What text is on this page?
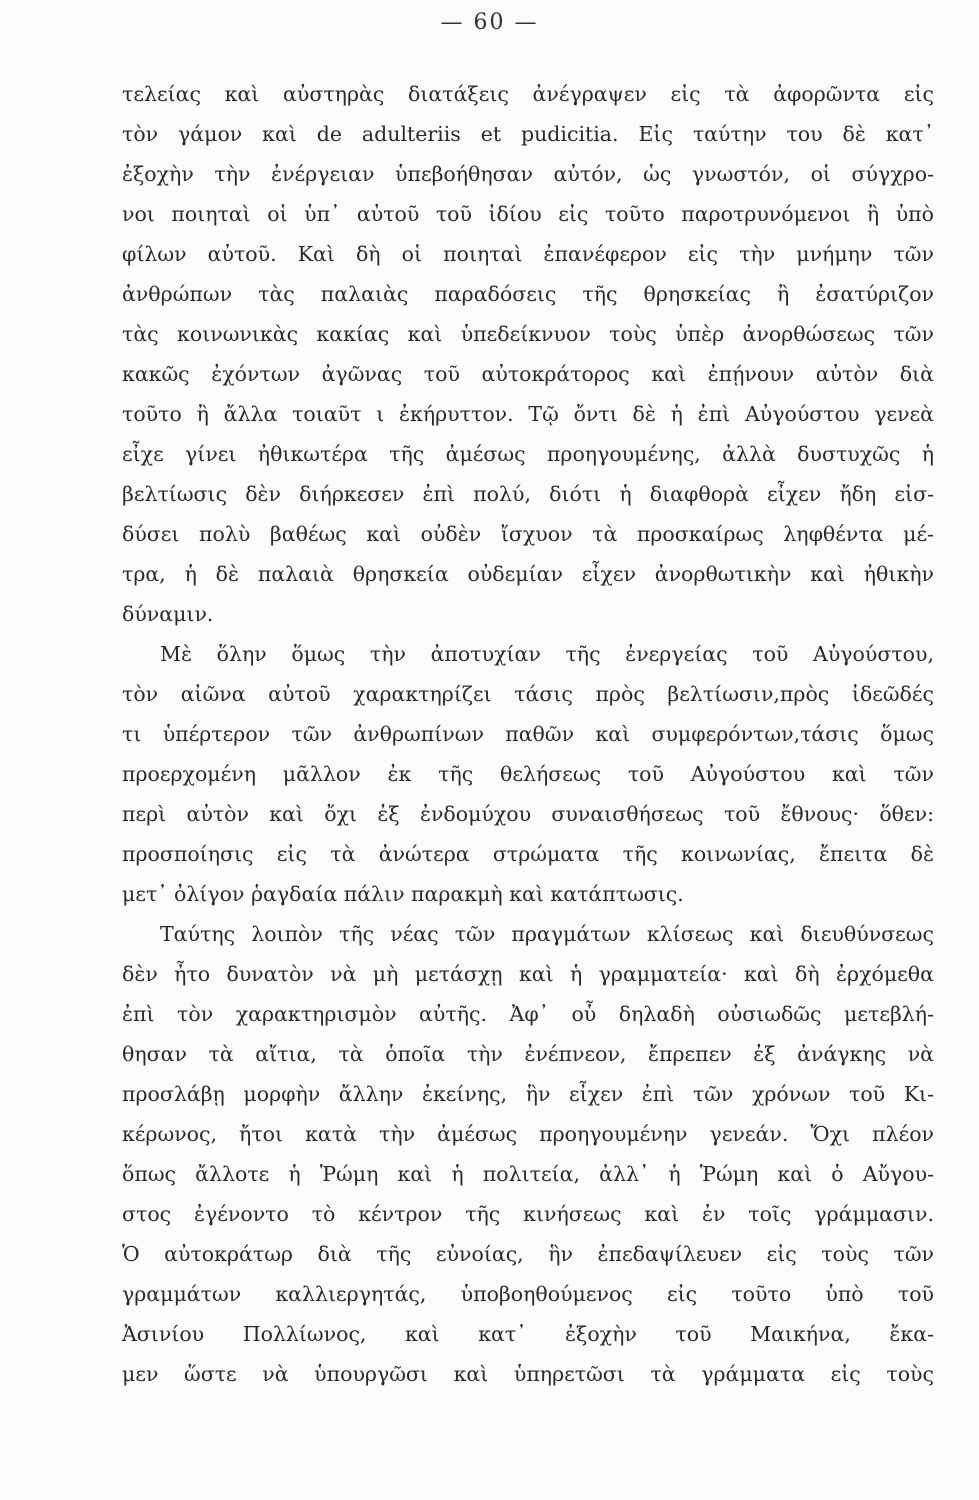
— 60 —

τελείας καὶ αὐστηρὰς διατάξεις ἀνέγραψεν εἰς τὰ ἀφορῶντα εἰς
τὸν γάμον καὶ de adulteriis et pudicitia. Εἰς ταύτην του δὲ κατ᾽
ἐξοχὴν τὴν ἐνέργειαν ὑπεβοήθησαν αὐτόν, ὡς γνωστόν, οἱ σύγχρο-
νοι ποιηταὶ οἱ ὑπ᾽ αὐτοῦ τοῦ ἰδίου εἰς τοῦτο παροτρυνόμενοι ἢ ὑπὸ
φίλων αὐτοῦ. Καὶ δὴ οἱ ποιηταὶ ἐπανέφερον εἰς τὴν μνήμην τῶν
ἀνθρώπων τὰς παλαιὰς παραδόσεις τῆς θρησκείας ἢ ἐσατύριζον
τὰς κοινωνικὰς κακίας καὶ ὑπεδείκνυον τοὺς ὑπὲρ ἀνορθώσεως τῶν
κακῶς ἐχόντων ἀγῶνας τοῦ αὐτοκράτορος καὶ ἐπῄνουν αὐτὸν διὰ
τοῦτο ἢ ἄλλα τοιαῦτ ι ἐκήρυττον. Τῷ ὄντι δὲ ἡ ἐπὶ Αὐγούστου γενεὰ
εἶχε γίνει ἠθικωτέρα τῆς ἀμέσως προηγουμένης, ἀλλὰ δυστυχῶς ἡ
βελτίωσις δὲν διήρκεσεν ἐπὶ πολύ, διότι ἡ διαφθορὰ εἶχεν ἤδη εἰσ-
δύσει πολὺ βαθέως καὶ οὐδὲν ἴσχυον τὰ προσκαίρως ληφθέντα μέ-
τρα, ἡ δὲ παλαιὰ θρησκεία οὐδεμίαν εἶχεν ἀνορθωτικὴν καὶ ἠθικὴν
δύναμιν.

Μὲ ὅλην ὅμως τὴν ἀποτυχίαν τῆς ἐνεργείας τοῦ Αὐγούστου,
τὸν αἰῶνα αὐτοῦ χαρακτηρίζει τάσις πρὸς βελτίωσιν,πρὸς ἰδεῶδές
τι ὑπέρτερον τῶν ἀνθρωπίνων παθῶν καὶ συμφερόντων,τάσις ὅμως
προερχομένη μᾶλλον ἐκ τῆς θελήσεως τοῦ Αὐγούστου καὶ τῶν
περὶ αὐτὸν καὶ ὄχι ἐξ ἐνδομύχου συναισθήσεως τοῦ ἔθνους· ὅθεν:
προσποίησις εἰς τὰ ἀνώτερα στρώματα τῆς κοινωνίας, ἔπειτα δὲ
μετ᾽ ὀλίγον ῥαγδαία πάλιν παρακμὴ καὶ κατάπτωσις.

Ταύτης λοιπὸν τῆς νέας τῶν πραγμάτων κλίσεως καὶ διευθύνσεως
δὲν ἦτο δυνατὸν νὰ μὴ μετάσχῃ καὶ ἡ γραμματεία· καὶ δὴ ἐρχόμεθα
ἐπὶ τὸν χαρακτηρισμὸν αὐτῆς. Ἀφ᾽ οὗ δηλαδὴ οὐσιωδῶς μετεβλή-
θησαν τὰ αἴτια, τὰ ὁποῖα τὴν ἐνέπνεον, ἔπρεπεν ἐξ ἀνάγκης νὰ
προσλάβῃ μορφὴν ἄλλην ἐκείνης, ἣν εἶχεν ἐπὶ τῶν χρόνων τοῦ Κι-
κέρωνος, ἤτοι κατὰ τὴν ἀμέσως προηγουμένην γενεάν. Ὄχι πλέον
ὅπως ἄλλοτε ἡ Ῥώμη καὶ ἡ πολιτεία, ἀλλ᾽ ἡ Ῥώμη καὶ ὁ Αὔγου-
στος ἐγένοντο τὸ κέντρον τῆς κινήσεως καὶ ἐν τοῖς γράμμασιν.
Ὁ αὐτοκράτωρ διὰ τῆς εὐνοίας, ἣν ἐπεδαψίλευεν εἰς τοὺς τῶν
γραμμάτων καλλιεργητάς, ὑποβοηθούμενος εἰς τοῦτο ὑπὸ τοῦ
Ἀσινίου Πολλίωνος, καὶ κατ᾽ ἐξοχὴν τοῦ Μαικήνα, ἔκα-
μεν ὥστε νὰ ὑπουργῶσι καὶ ὑπηρετῶσι τὰ γράμματα εἰς τοὺς
